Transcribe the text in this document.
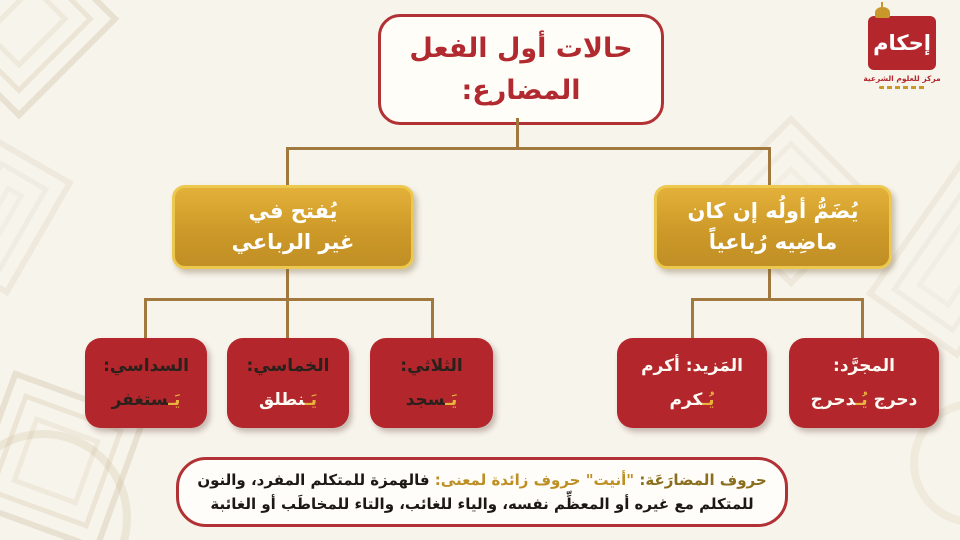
إحكام
مركز للعلوم الشرعية
حالات أول الفعل
المضارع:
يُفتح في
غير الرباعي
يُضَمُّ أولُه إن كان
ماضِيه رُباعياً
السداسي:
يَـستغفر
الخماسي:
يَـنطلق
الثلاثي:
يَـسجد
المَزيد: أكرم
يُـكرم
المجرَّد:
دحرج يُـدحرج
حروف المضارَعَة: "أنيت" حروف زائدة لمعنى: فالهمزة للمتكلم المفرد، والنون
للمتكلم مع غيره أو المعظِّم نفسه، والياء للغائب، والتاء للمخاطَب أو الغائبة
